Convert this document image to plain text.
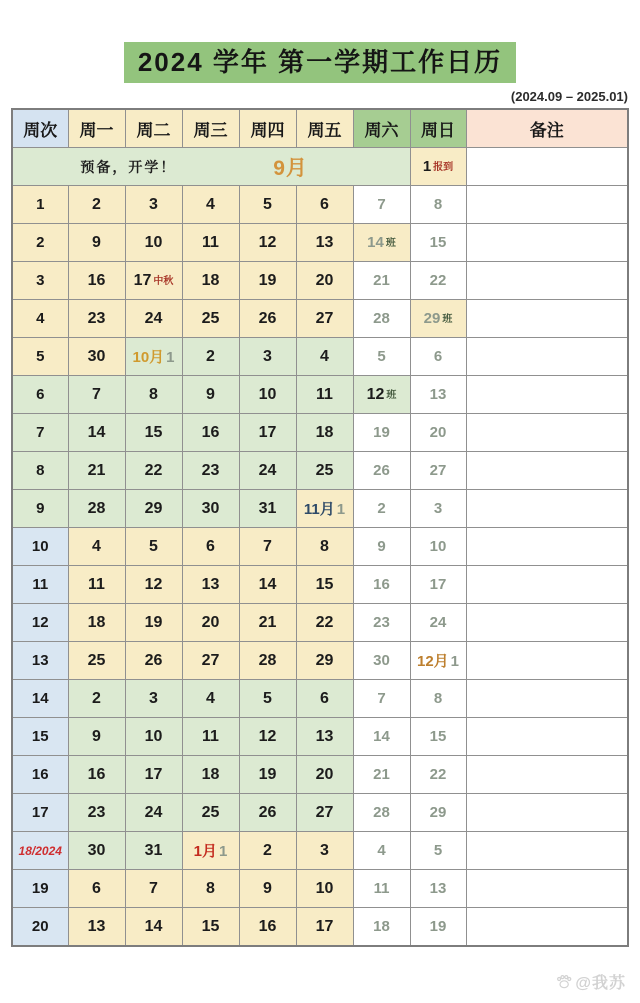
2024 学年 第一学期工作日历
(2024.09 – 2025.01)
周次	周一	周二	周三	周四	周五	周六	周日	备注

预备，开学！ 9月							1 报到	
1	2	3	4	5	6	7	8	
2	9	10	11	12	13	14 班	15	
3	16	17 中秋	18	19	20	21	22	
4	23	24	25	26	27	28	29 班	
5	30	10月 1	2	3	4	5	6	
6	7	8	9	10	11	12 班	13	
7	14	15	16	17	18	19	20	
8	21	22	23	24	25	26	27	
9	28	29	30	31	11月 1	2	3	
10	4	5	6	7	8	9	10	
11	11	12	13	14	15	16	17	
12	18	19	20	21	22	23	24	
13	25	26	27	28	29	30	12月 1	
14	2	3	4	5	6	7	8	
15	9	10	11	12	13	14	15	
16	16	17	18	19	20	21	22	
17	23	24	25	26	27	28	29	
18/2024	30	31	1月 1	2	3	4	5	
19	6	7	8	9	10	11	13	
20	13	14	15	16	17	18	19	
@我苏
